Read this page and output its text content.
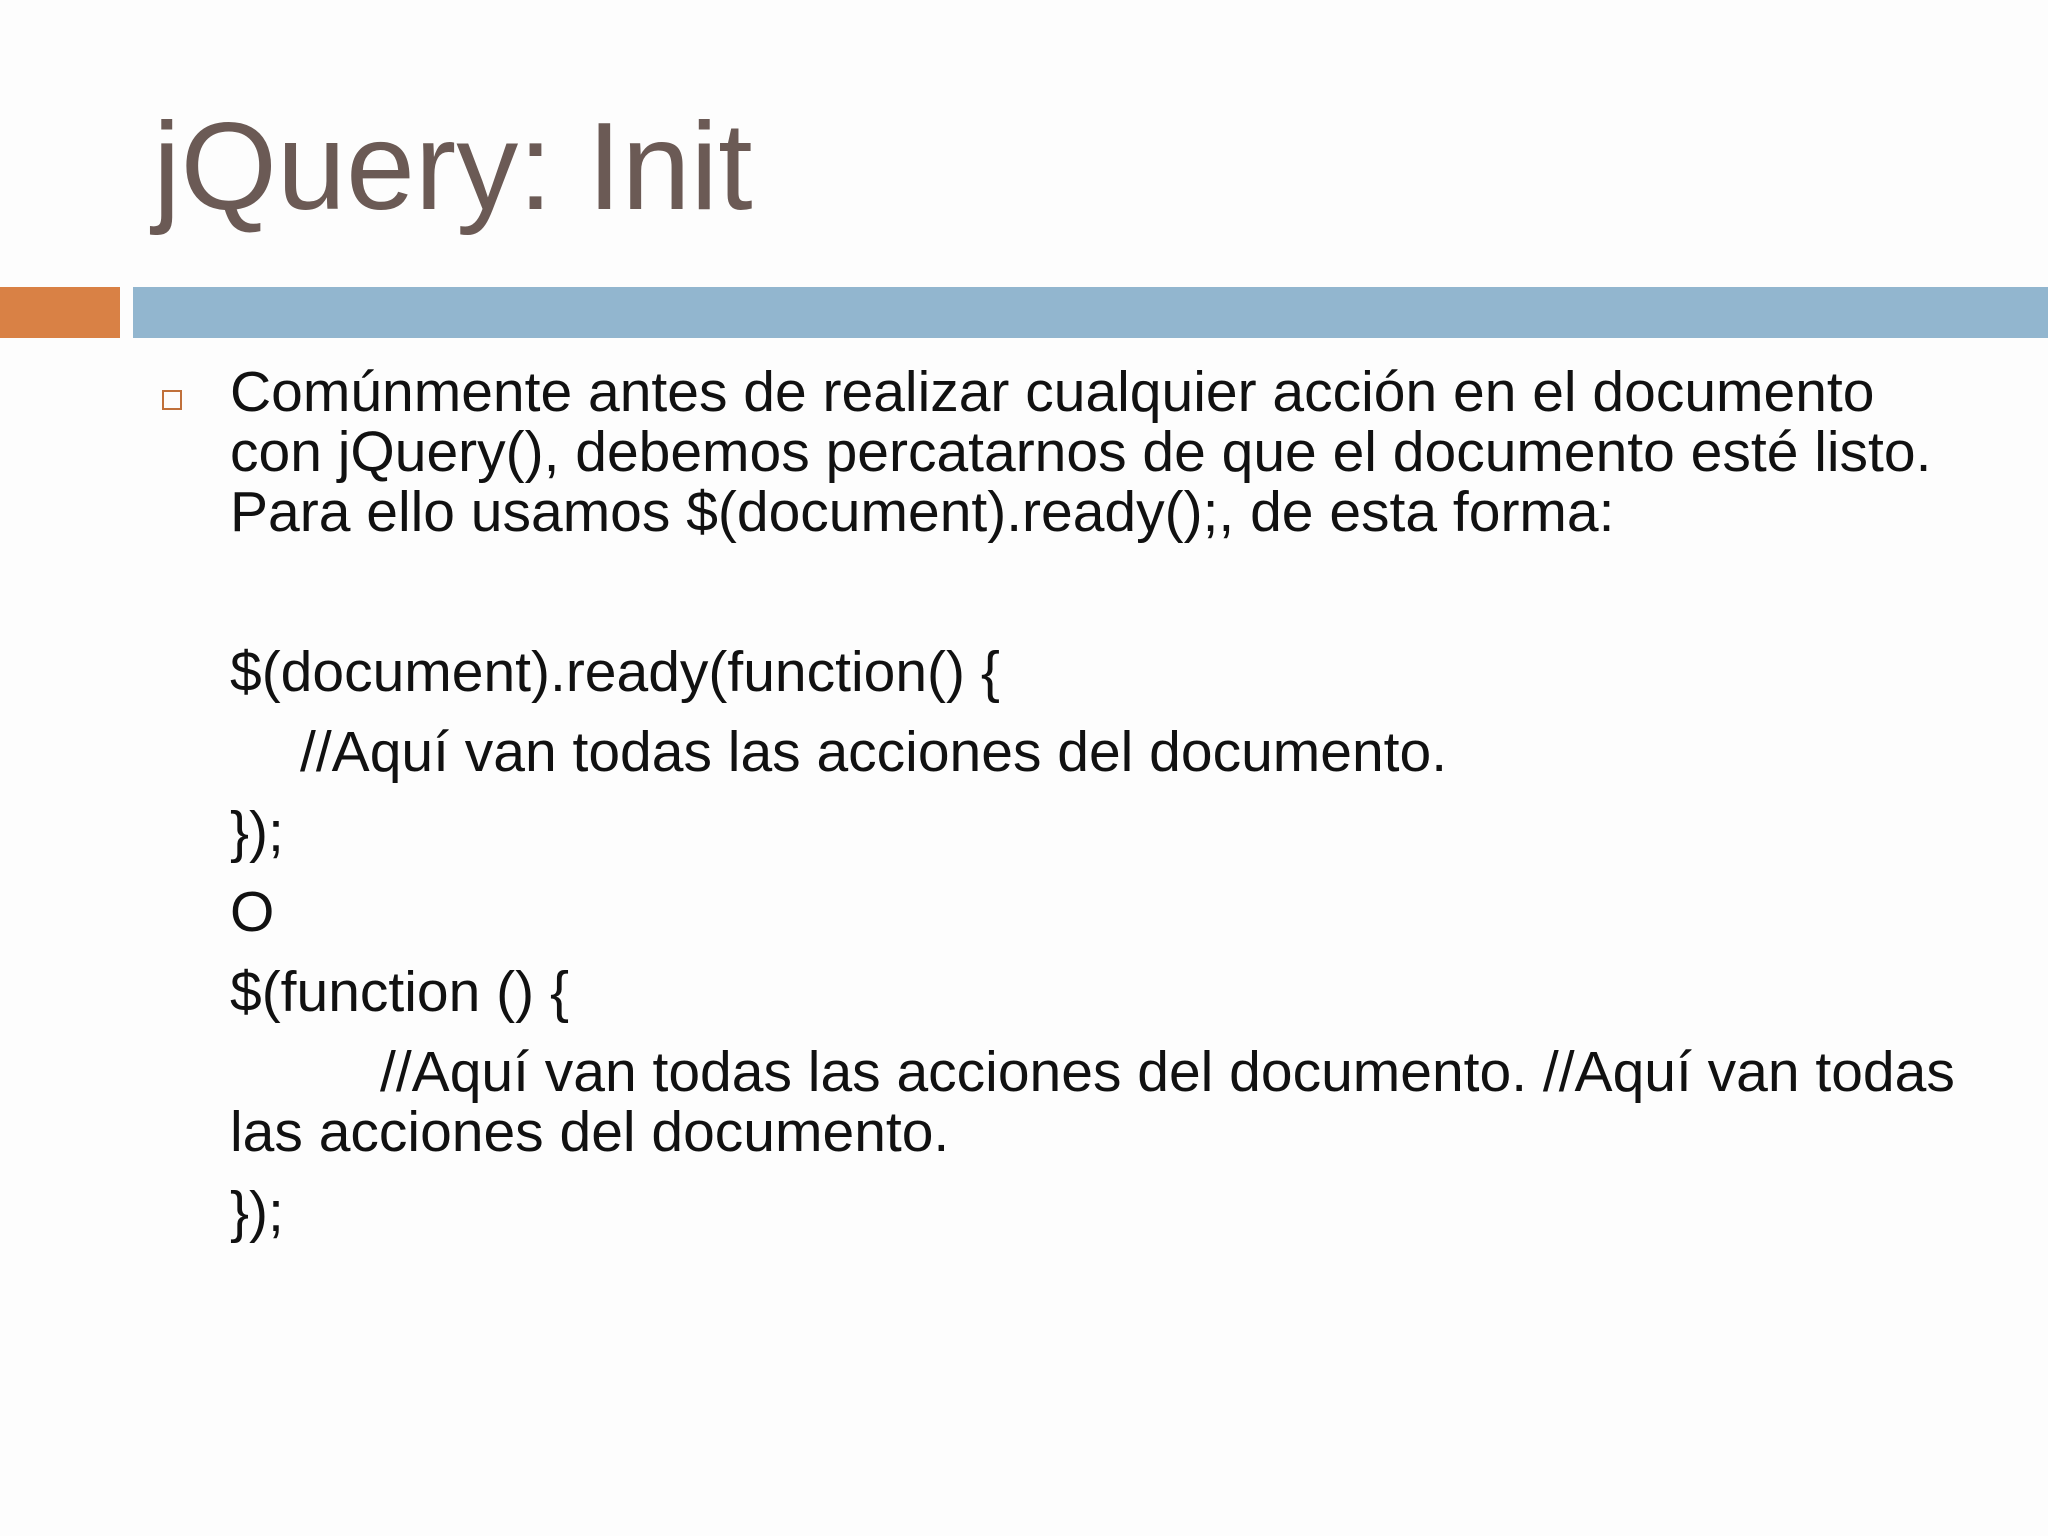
jQuery: Init

Comúnmente antes de realizar cualquier acción en el documento con jQuery(), debemos percatarnos de que el documento esté listo. Para ello usamos $(document).ready();, de esta forma:

$(document).ready(function() {

//Aquí van todas las acciones del documento.

});

O

$(function () {

//Aquí van todas las acciones del documento. //Aquí van todas las acciones del documento.

});
